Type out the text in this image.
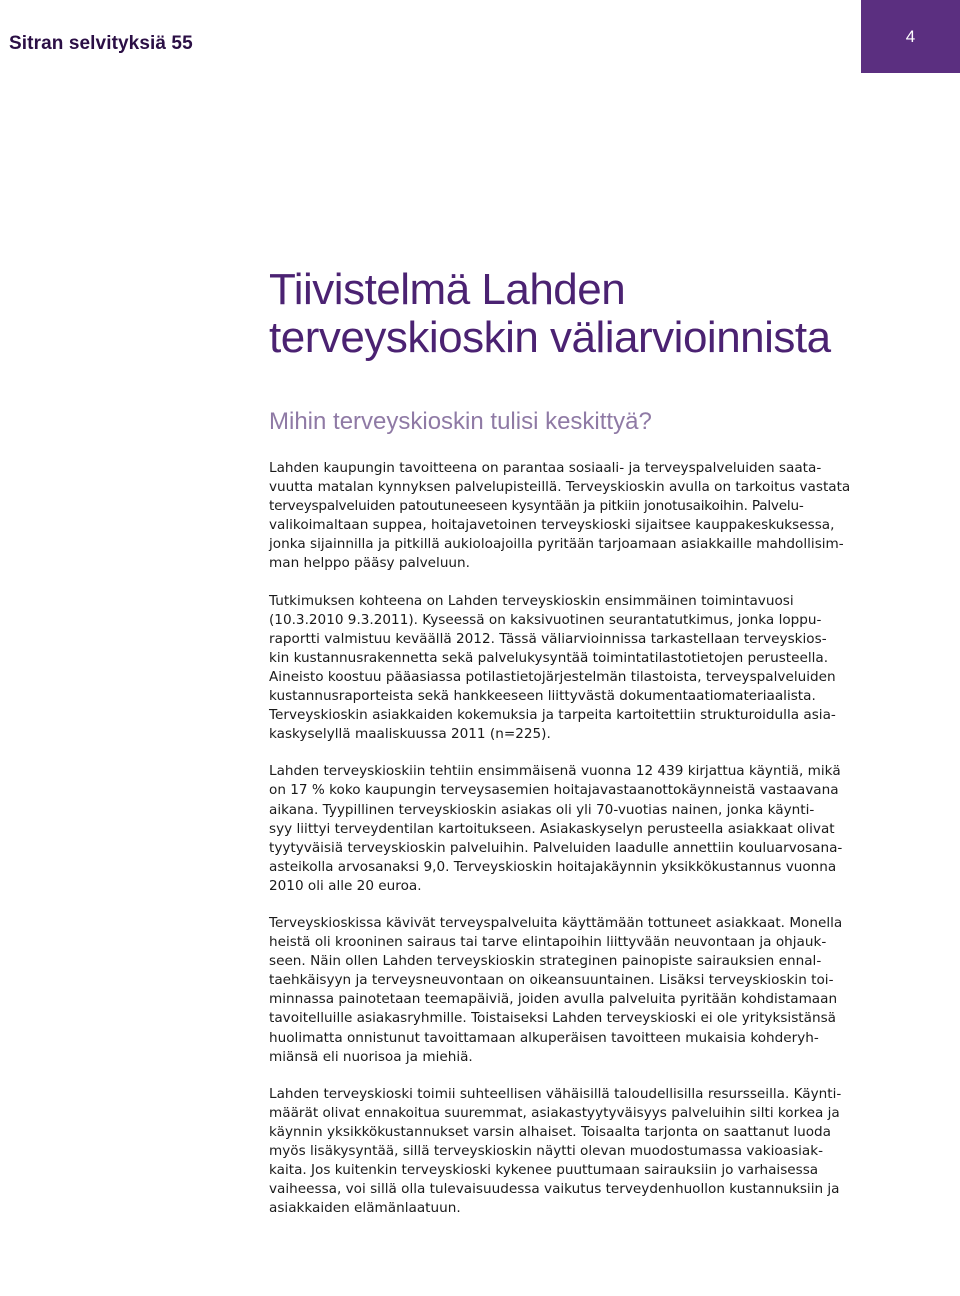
Sitran selvityksiä 55	4
Tiivistelmä Lahden
terveyskioskin väliarvioinnista
Mihin terveyskioskin tulisi keskittyä?
Lahden kaupungin tavoitteena on parantaa sosiaali- ja terveyspalveluiden saata-
vuutta matalan kynnyksen palvelupisteillä. Terveyskioskin avulla on tarkoitus vastata
terveyspalveluiden patoutuneeseen kysyntään ja pitkiin jonotusaikoihin. Palvelu-
valikoimaltaan suppea, hoitajavetoinen terveyskioski sijaitsee kauppakeskuksessa,
jonka sijainnilla ja pitkillä aukioloajoilla pyritään tarjoamaan asiakkaille mahdollisim-
man helppo pääsy palveluun.
Tutkimuksen kohteena on Lahden terveyskioskin ensimmäinen toimintavuosi
(10.3.2010 9.3.2011). Kyseessä on kaksivuotinen seurantatutkimus, jonka loppu-
raportti valmistuu keväällä 2012. Tässä väliarvioinnissa tarkastellaan terveyskios-
kin kustannusrakennetta sekä palvelukysyntää toimintatilastotietojen perusteella.
Aineisto koostuu pääasiassa potilastietojärjestelmän tilastoista, terveyspalveluiden
kustannusraporteista sekä hankkeeseen liittyvästä dokumentaatiomateriaalista.
Terveyskioskin asiakkaiden kokemuksia ja tarpeita kartoitettiin strukturoidulla asia-
kaskyselyllä maaliskuussa 2011 (n=225).
Lahden terveyskioskiin tehtiin ensimmäisenä vuonna 12 439 kirjattua käyntiä, mikä
on 17 % koko kaupungin terveysasemien hoitajavastaanottokäynneistä vastaavana
aikana. Tyypillinen terveyskioskin asiakas oli yli 70-vuotias nainen, jonka käynti-
syy liittyi terveydentilan kartoitukseen. Asiakaskyselyn perusteella asiakkaat olivat
tyytyväisiä terveyskioskin palveluihin. Palveluiden laadulle annettiin kouluarvosana-
asteikolla arvosanaksi 9,0. Terveyskioskin hoitajakäynnin yksikkökustannus vuonna
2010 oli alle 20 euroa.
Terveyskioskissa kävivät terveyspalveluita käyttämään tottuneet asiakkaat. Monella
heistä oli krooninen sairaus tai tarve elintapoihin liittyvään neuvontaan ja ohjauk-
seen. Näin ollen Lahden terveyskioskin strateginen painopiste sairauksien ennal-
taehkäisyyn ja terveysneuvontaan on oikeansuuntainen. Lisäksi terveyskioskin toi-
minnassa painotetaan teemapäiviä, joiden avulla palveluita pyritään kohdistamaan
tavoitelluille asiakasryhmille. Toistaiseksi Lahden terveyskioski ei ole yrityksistänsä
huolimatta onnistunut tavoittamaan alkuperäisen tavoitteen mukaisia kohderyh-
miänsä eli nuorisoa ja miehiä.
Lahden terveyskioski toimii suhteellisen vähäisillä taloudellisilla resursseilla. Käynti-
määrät olivat ennakoitua suuremmat, asiakastyytyväisyys palveluihin silti korkea ja
käynnin yksikkökustannukset varsin alhaiset. Toisaalta tarjonta on saattanut luoda
myös lisäkysyntää, sillä terveyskioskin näytti olevan muodostumassa vakioasiak-
kaita. Jos kuitenkin terveyskioski kykenee puuttumaan sairauksiin jo varhaisessa
vaiheessa, voi sillä olla tulevaisuudessa vaikutus terveydenhuollon kustannuksiin ja
asiakkaiden elämänlaatuun.
